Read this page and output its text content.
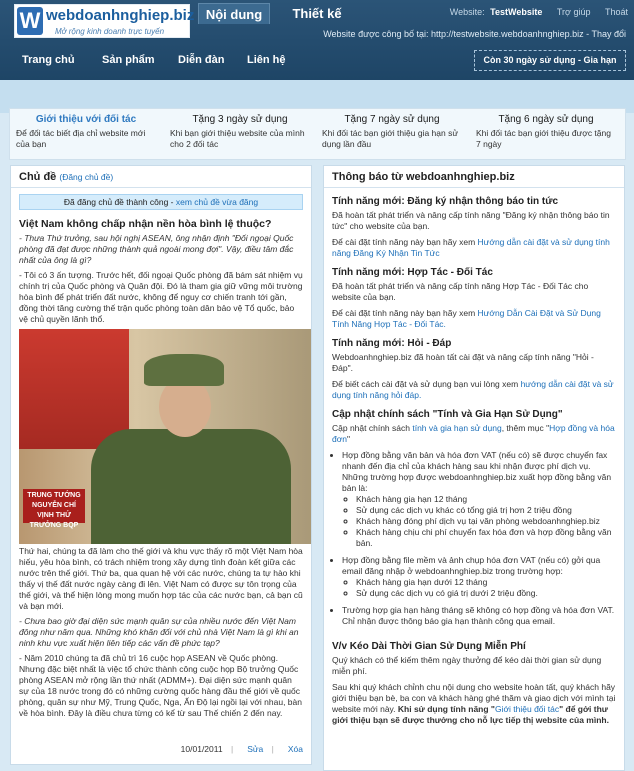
W webdoanhnghiep.biz
Mở rộng kinh doanh trực tuyến
Nội dung	Thiết kế	Website: TestWebsite Trợ giúp Thoát
Website được công bố tại: http://testwebsite.webdoanhnghiep.biz - Thay đổi
Trang chủ Sản phẩm Diễn đàn Liên hệ	Còn 30 ngày sử dụng - Gia hạn
Giới thiệu với đối tác
Để đối tác biết địa chỉ website mới của bạn
Tặng 3 ngày sử dụng
Khi bạn giới thiệu website của mình cho 2 đối tác
Tặng 7 ngày sử dụng
Khi đối tác bạn giới thiệu gia hạn sử dụng lần đầu
Tặng 6 ngày sử dụng
Khi đối tác bạn giới thiệu được tặng 7 ngày
Chủ đề (Đăng chủ đề)
Đã đăng chủ đề thành công - xem chủ đề vừa đăng
Việt Nam không chấp nhận nền hòa bình lệ thuộc?
- Thưa Thứ trưởng, sau hội nghị ASEAN, ông nhận định "Đối ngoại Quốc phòng đã đạt được những thành quả ngoài mong đợi". Vậy, điều tâm đắc nhất của ông là gì?
- Tôi có 3 ấn tượng. Trước hết, đối ngoại Quốc phòng đã bám sát nhiệm vụ chính trị của Quốc phòng và Quân đội. Đó là tham gia giữ vững môi trường hòa bình để phát triển đất nước, không để nguy cơ chiến tranh tới gần, đồng thời tăng cường thế trận quốc phòng toàn dân bảo vệ Tổ quốc, bảo vệ chủ quyền lãnh thổ.
TRUNG TƯỚNG NGUYỄN CHÍ VỊNH THỨ TRƯỞNG BQP
Thứ hai, chúng ta đã làm cho thế giới và khu vực thấy rõ một Việt Nam hòa hiếu, yêu hòa bình, có trách nhiệm trong xây dựng tình đoàn kết giữa các nước trên thế giới. Thứ ba, qua quan hệ với các nước, chúng ta tự hào khi thấy vị thế đất nước ngày càng đi lên. Việt Nam có được sự tôn trọng của thế giới, và thể hiện lòng mong muốn hợp tác của các nước bạn, cả bạn cũ và bạn mới.
- Chưa bao giờ đại diện sức mạnh quân sự của nhiều nước đến Việt Nam đông như năm qua. Những khó khăn đối với chủ nhà Việt Nam là gì khi an ninh khu vực xuất hiện liên tiếp các vấn đề phức tạp?
- Năm 2010 chúng ta đã chủ trì 16 cuộc họp ASEAN về Quốc phòng. Nhưng đặc biệt nhất là việc tổ chức thành công cuộc họp Bộ trưởng Quốc phòng ASEAN mở rộng lần thứ nhất (ADMM+). Đại diện sức mạnh quân sự của 18 nước trong đó có những cường quốc hàng đầu thế giới về quốc phòng, quân sự như Mỹ, Trung Quốc, Nga, Ấn Độ lại ngồi lại với nhau, bàn về hòa bình. Đây là điều chưa từng có kể từ sau Thế chiến 2 đến nay.
10/01/2011 | Sửa | Xóa
Thông báo từ webdoanhnghiep.biz
Tính năng mới: Đăng ký nhận thông báo tin tức

Đã hoàn tất phát triển và nâng cấp tính năng "Đăng ký nhận thông báo tin tức" cho website của bạn.

Để cài đặt tính năng này bạn hãy xem Hướng dẫn cài đặt và sử dụng tính năng Đăng Ký Nhận Tin Tức

Tính năng mới: Hợp Tác - Đối Tác

Đã hoàn tất phát triển và nâng cấp tính năng Hợp Tác - Đối Tác cho website của bạn.

Để cài đặt tính năng này bạn hãy xem Hướng Dẫn Cài Đặt và Sử Dụng Tính Năng Hợp Tác - Đối Tác.

Tính năng mới: Hỏi - Đáp

Webdoanhnghiep.biz đã hoàn tất cài đặt và nâng cấp tính năng "Hỏi - Đáp".

Để biết cách cài đặt và sử dụng bạn vui lòng xem hướng dẫn cài đặt và sử dụng tính năng hỏi đáp.

Cập nhật chính sách "Tính và Gia Hạn Sử Dụng"

Cập nhật chính sách tính và gia hạn sử dụng, thêm mục "Hợp đồng và hóa đơn"

• Hợp đồng bằng văn bản và hóa đơn VAT (nếu có) sẽ được chuyển fax nhanh đến địa chỉ của khách hàng sau khi nhận được phí dịch vụ. Những trường hợp được webdoanhnghiep.biz xuất hợp đồng bằng văn bản là:
◦ Khách hàng gia hạn 12 tháng
◦ Sử dụng các dịch vụ khác có tổng giá trị hơn 2 triệu đồng
◦ Khách hàng đóng phí dịch vụ tại văn phòng webdoanhnghiep.biz
◦ Khách hàng chịu chi phí chuyển fax hóa đơn và hợp đồng bằng văn bản.
• Hợp đồng bằng file mềm và ảnh chụp hóa đơn VAT (nếu có) gởi qua email đăng nhập ở webdoanhnghiep.biz trong trường hợp:
◦ Khách hàng gia hạn dưới 12 tháng
◦ Sử dụng các dịch vụ có giá trị dưới 2 triệu đồng.
• Trường hợp gia hạn hàng tháng sẽ không có hợp đồng và hóa đơn VAT. Chỉ nhận được thông báo gia hạn thành công qua email.
V/v Kéo Dài Thời Gian Sử Dụng Miễn Phí

Quý khách có thể kiếm thêm ngày thưởng để kéo dài thời gian sử dụng miễn phí.

Sau khi quý khách chỉnh chu nội dung cho website hoàn tất, quý khách hãy giới thiệu bạn bè, ba con và khách hàng ghé thăm và giao dịch với mình tại website mới này. Khi sử dụng tính năng "Giới thiệu đối tác" để gởi thư giới thiệu bạn sẽ được thưởng cho nỗ lực tiếp thị website của mình.
